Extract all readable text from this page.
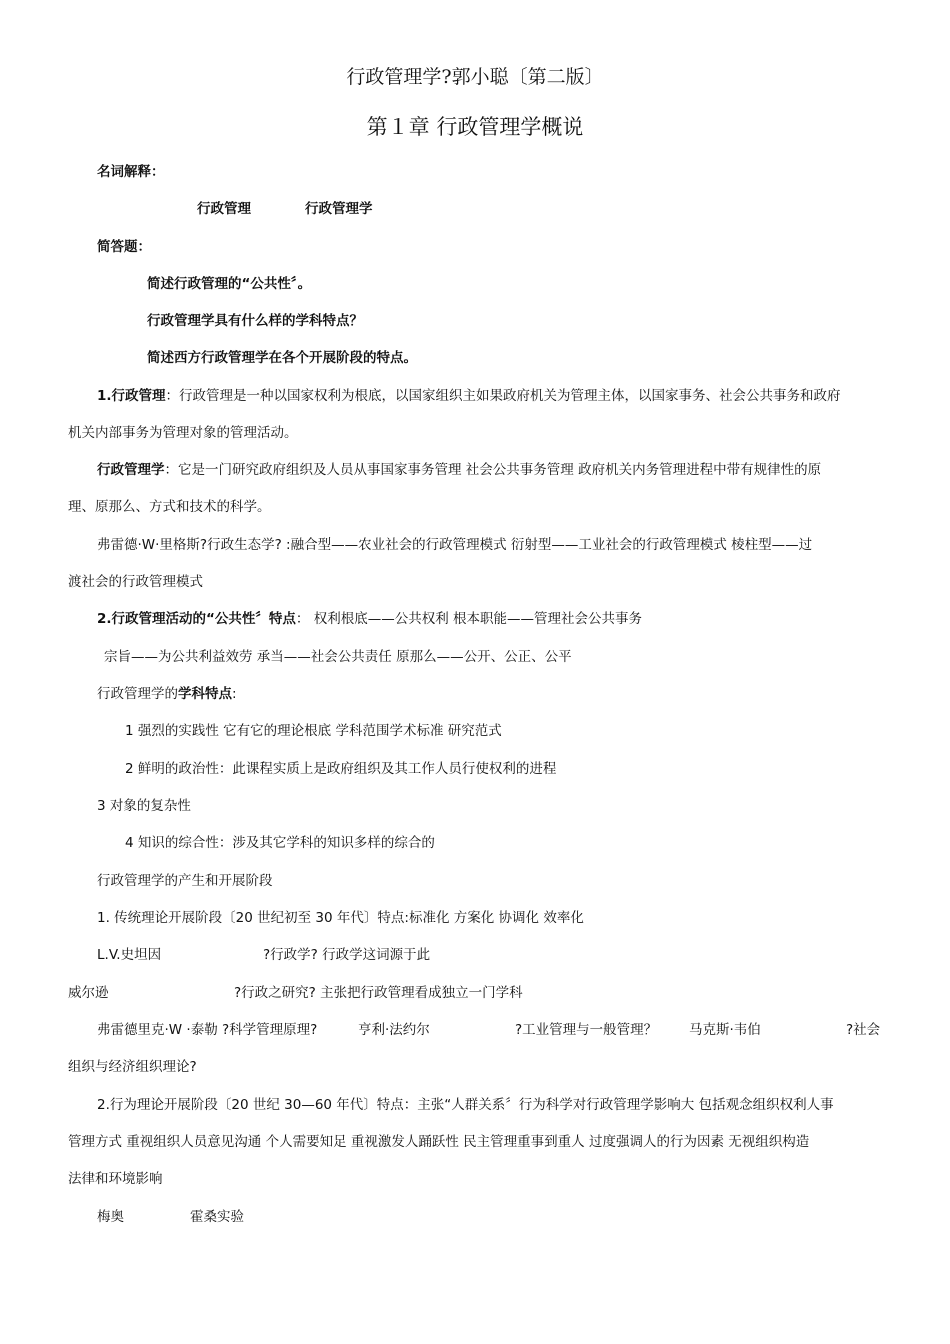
行政管理学?郭小聪〔第二版〕
第１章 行政管理学概说
名词解释：
行政管理	行政管理学
简答题：
简述行政管理的“公共性〞。
行政管理学具有什么样的学科特点？
简述西方行政管理学在各个开展阶段的特点。
1.行政管理：行政管理是一种以国家权利为根底，以国家组织主如果政府机关为管理主体，以国家事务、社会公共事务和政府
机关内部事务为管理对象的管理活动。
行政管理学：它是一门研究政府组织及人员从事国家事务管理 社会公共事务管理 政府机关内务管理进程中带有规律性的原
理、原那么、方式和技术的科学。
弗雷德·W·里格斯?行政生态学? :融合型——农业社会的行政管理模式 衍射型——工业社会的行政管理模式 棱柱型——过
渡社会的行政管理模式
2.行政管理活动的“公共性〞特点： 权利根底——公共权利 根本职能——管理社会公共事务
宗旨——为公共利益效劳 承当——社会公共责任 原那么——公开、公正、公平
行政管理学的学科特点:
1 强烈的实践性 它有它的理论根底 学科范围学术标准 研究范式
2 鲜明的政治性：此课程实质上是政府组织及其工作人员行使权利的进程
3 对象的复杂性
4 知识的综合性：涉及其它学科的知识多样的综合的
行政管理学的产生和开展阶段
1. 传统理论开展阶段〔20 世纪初至 30 年代〕特点:标准化 方案化 协调化 效率化
L.V.史坦因	?行政学? 行政学这词源于此
威尔逊	?行政之研究? 主张把行政管理看成独立一门学科
弗雷德里克·W ·泰勒 ?科学管理原理?	亨利·法约尔	?工业管理与一般管理？ 马克斯·韦伯	?社会
组织与经济组织理论?
2.行为理论开展阶段〔20 世纪 30—60 年代〕特点：主张“人群关系〞行为科学对行政管理学影响大 包括观念组织权利人事
管理方式 重视组织人员意见沟通 个人需要知足 重视激发人踊跃性 民主管理重事到重人 过度强调人的行为因素 无视组织构造
法律和环境影响
梅奥	霍桑实验
